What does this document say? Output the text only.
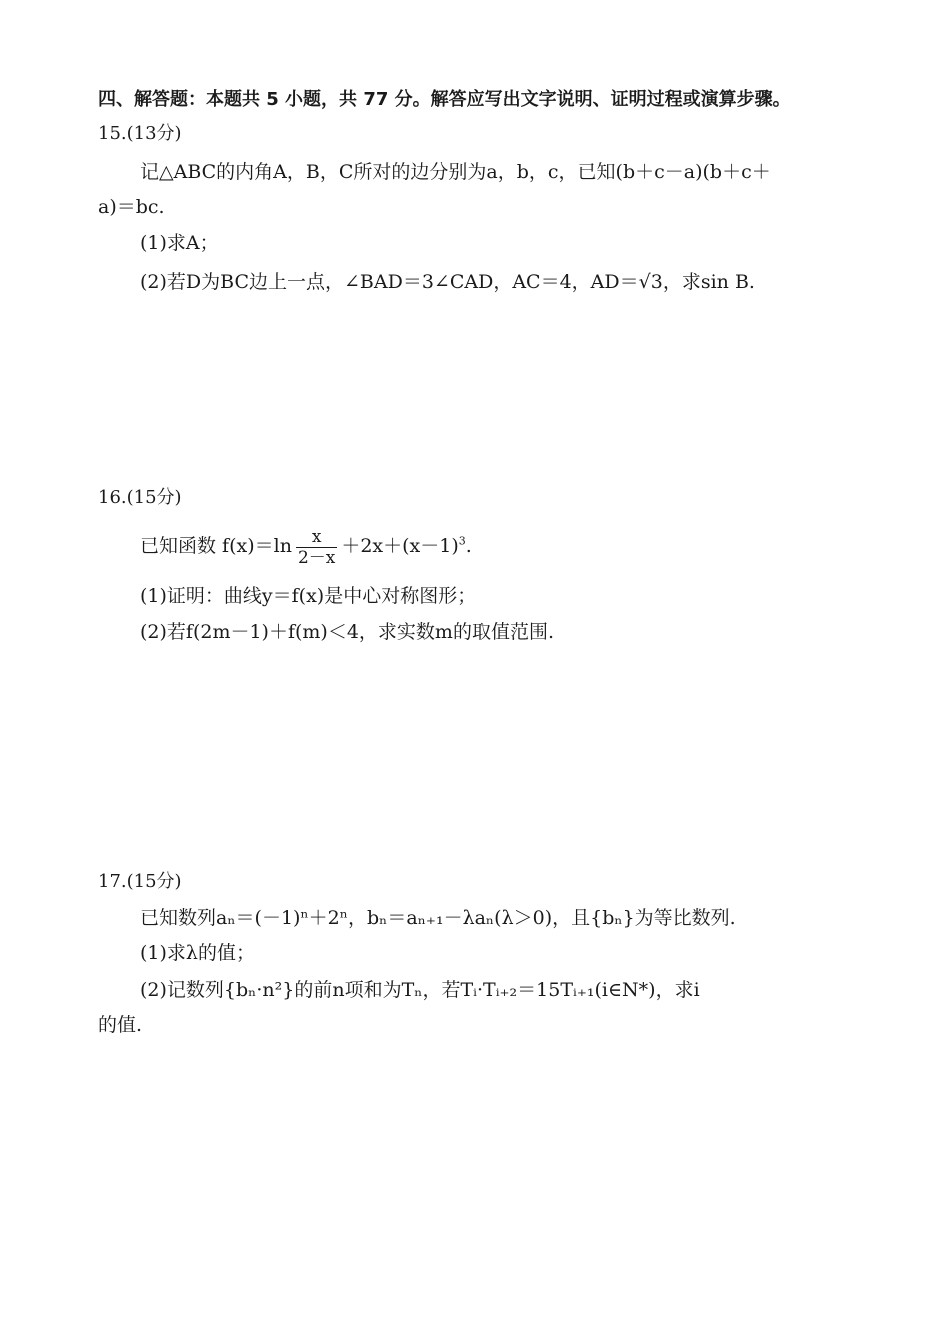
四、解答题：本题共 5 小题，共 77 分。解答应写出文字说明、证明过程或演算步骤。
15.(13分)
记△ABC的内角A，B，C所对的边分别为a，b，c，已知(b＋c－a)(b＋c＋
a)＝bc.
(1)求A；
(2)若D为BC边上一点，∠BAD＝3∠CAD，AC＝4，AD＝√3，求sin B.
16.(15分)
已知函数 $f(x)=\ln \frac{x}{2-x} +2x+(x-1)^3$.
(1)证明：曲线y＝f(x)是中心对称图形；
(2)若f(2m－1)＋f(m)＜4，求实数m的取值范围.
17.(15分)
已知数列aₙ＝(－1)ⁿ＋2ⁿ，bₙ＝aₙ₊₁－λaₙ(λ＞0)，且{bₙ}为等比数列.
(1)求λ的值；
(2)记数列{bₙ·n²}的前n项和为Tₙ，若Tᵢ·Tᵢ₊₂＝15Tᵢ₊₁(i∈N*)，求i
的值.
